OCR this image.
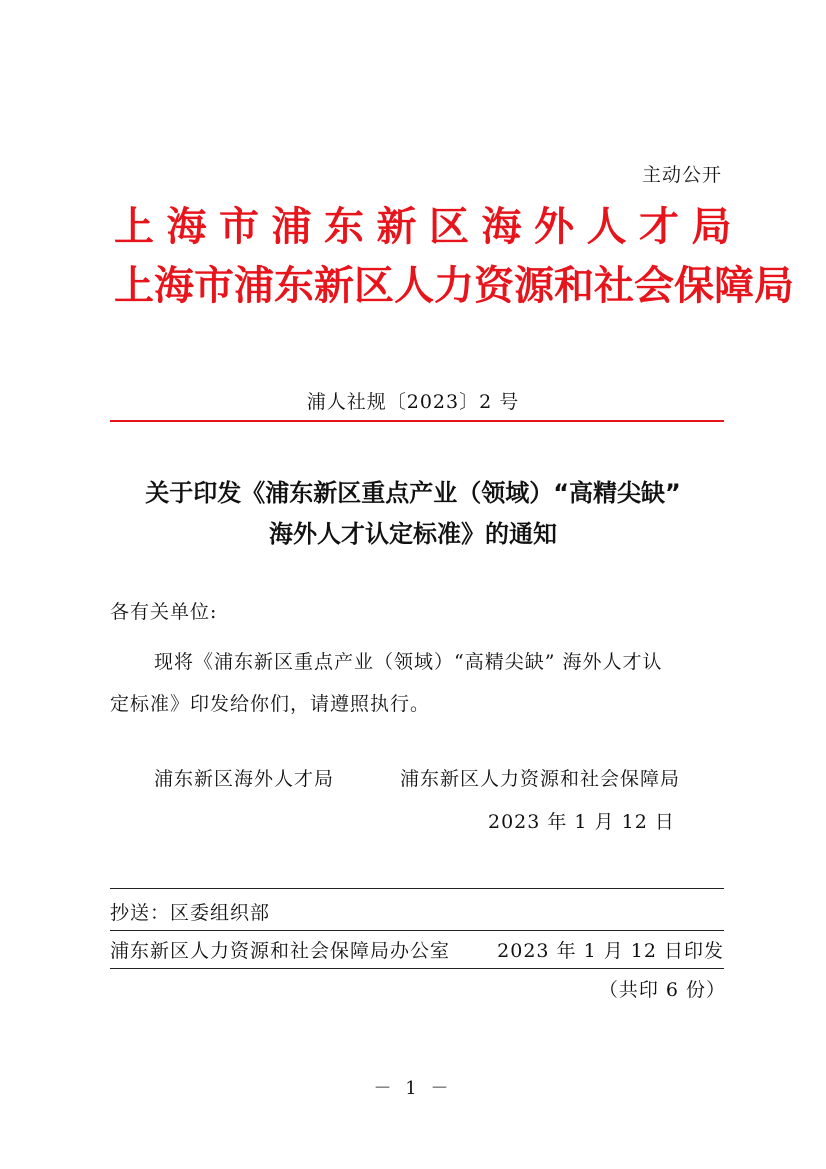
主动公开
上海市浦东新区海外人才局
上海市浦东新区人力资源和社会保障局
浦人社规〔2023〕2 号
关于印发《浦东新区重点产业（领域）“高精尖缺”
海外人才认定标准》的通知
各有关单位:
现将《浦东新区重点产业（领域）“高精尖缺” 海外人才认
定标准》印发给你们，请遵照执行。
浦东新区海外人才局	浦东新区人力资源和社会保障局
2023 年 1 月 12 日
抄送：区委组织部
浦东新区人力资源和社会保障局办公室 2023 年 1 月 12 日印发
（共印 6 份）
－ 1 －
